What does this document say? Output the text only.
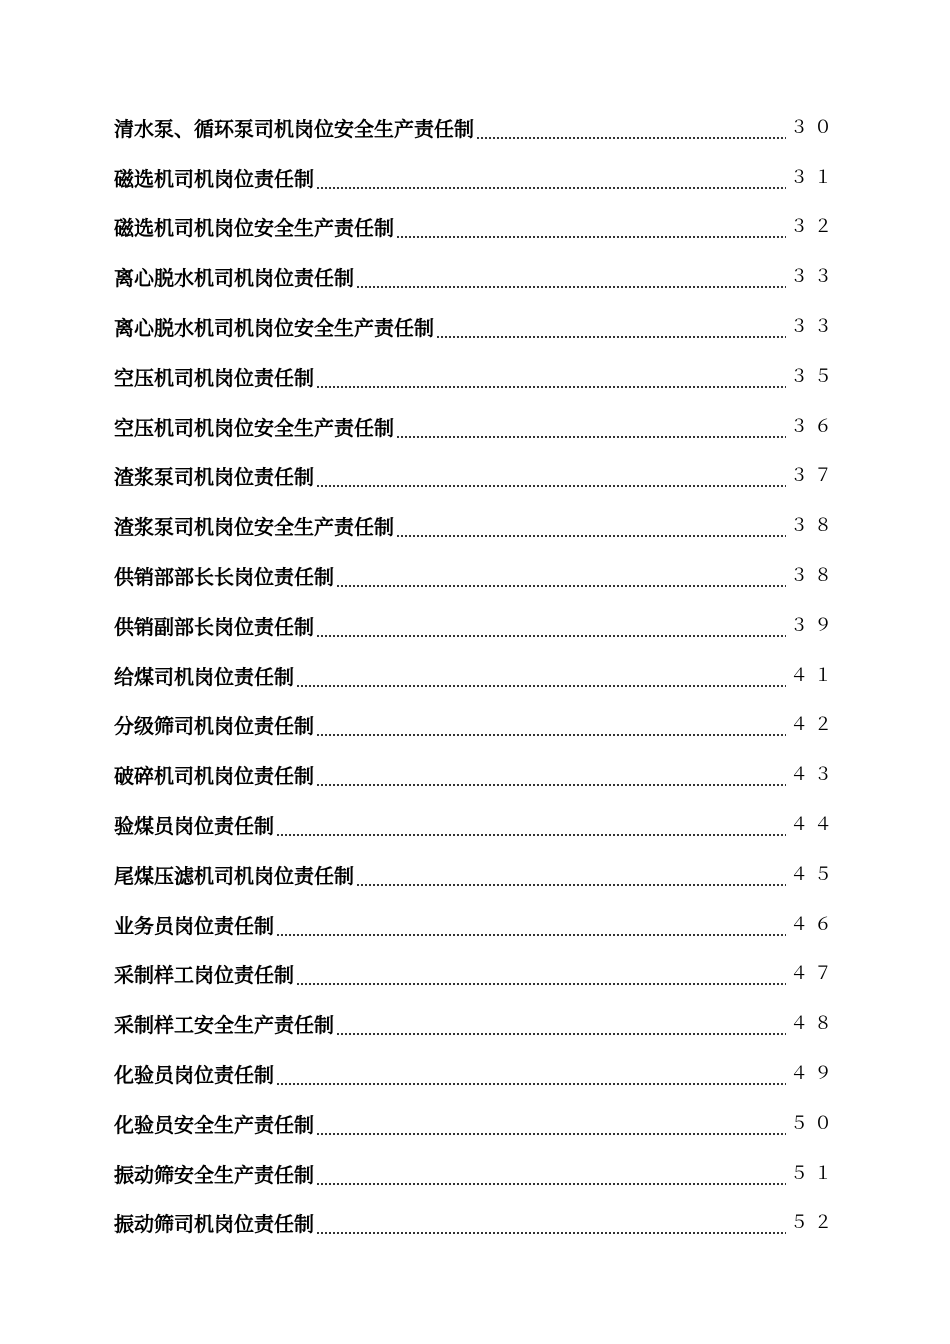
清水泵、循环泵司机岗位安全生产责任制	３０
磁选机司机岗位责任制	３１
磁选机司机岗位安全生产责任制	３２
离心脱水机司机岗位责任制	３３
离心脱水机司机岗位安全生产责任制	３３
空压机司机岗位责任制	３５
空压机司机岗位安全生产责任制	３６
渣浆泵司机岗位责任制	３７
渣浆泵司机岗位安全生产责任制	３８
供销部部长长岗位责任制	３８
供销副部长岗位责任制	３９
给煤司机岗位责任制	４１
分级筛司机岗位责任制	４２
破碎机司机岗位责任制	４３
验煤员岗位责任制	４４
尾煤压滤机司机岗位责任制	４５
业务员岗位责任制	４６
采制样工岗位责任制	４７
采制样工安全生产责任制	４８
化验员岗位责任制	４９
化验员安全生产责任制	５０
振动筛安全生产责任制	５１
振动筛司机岗位责任制	５２
